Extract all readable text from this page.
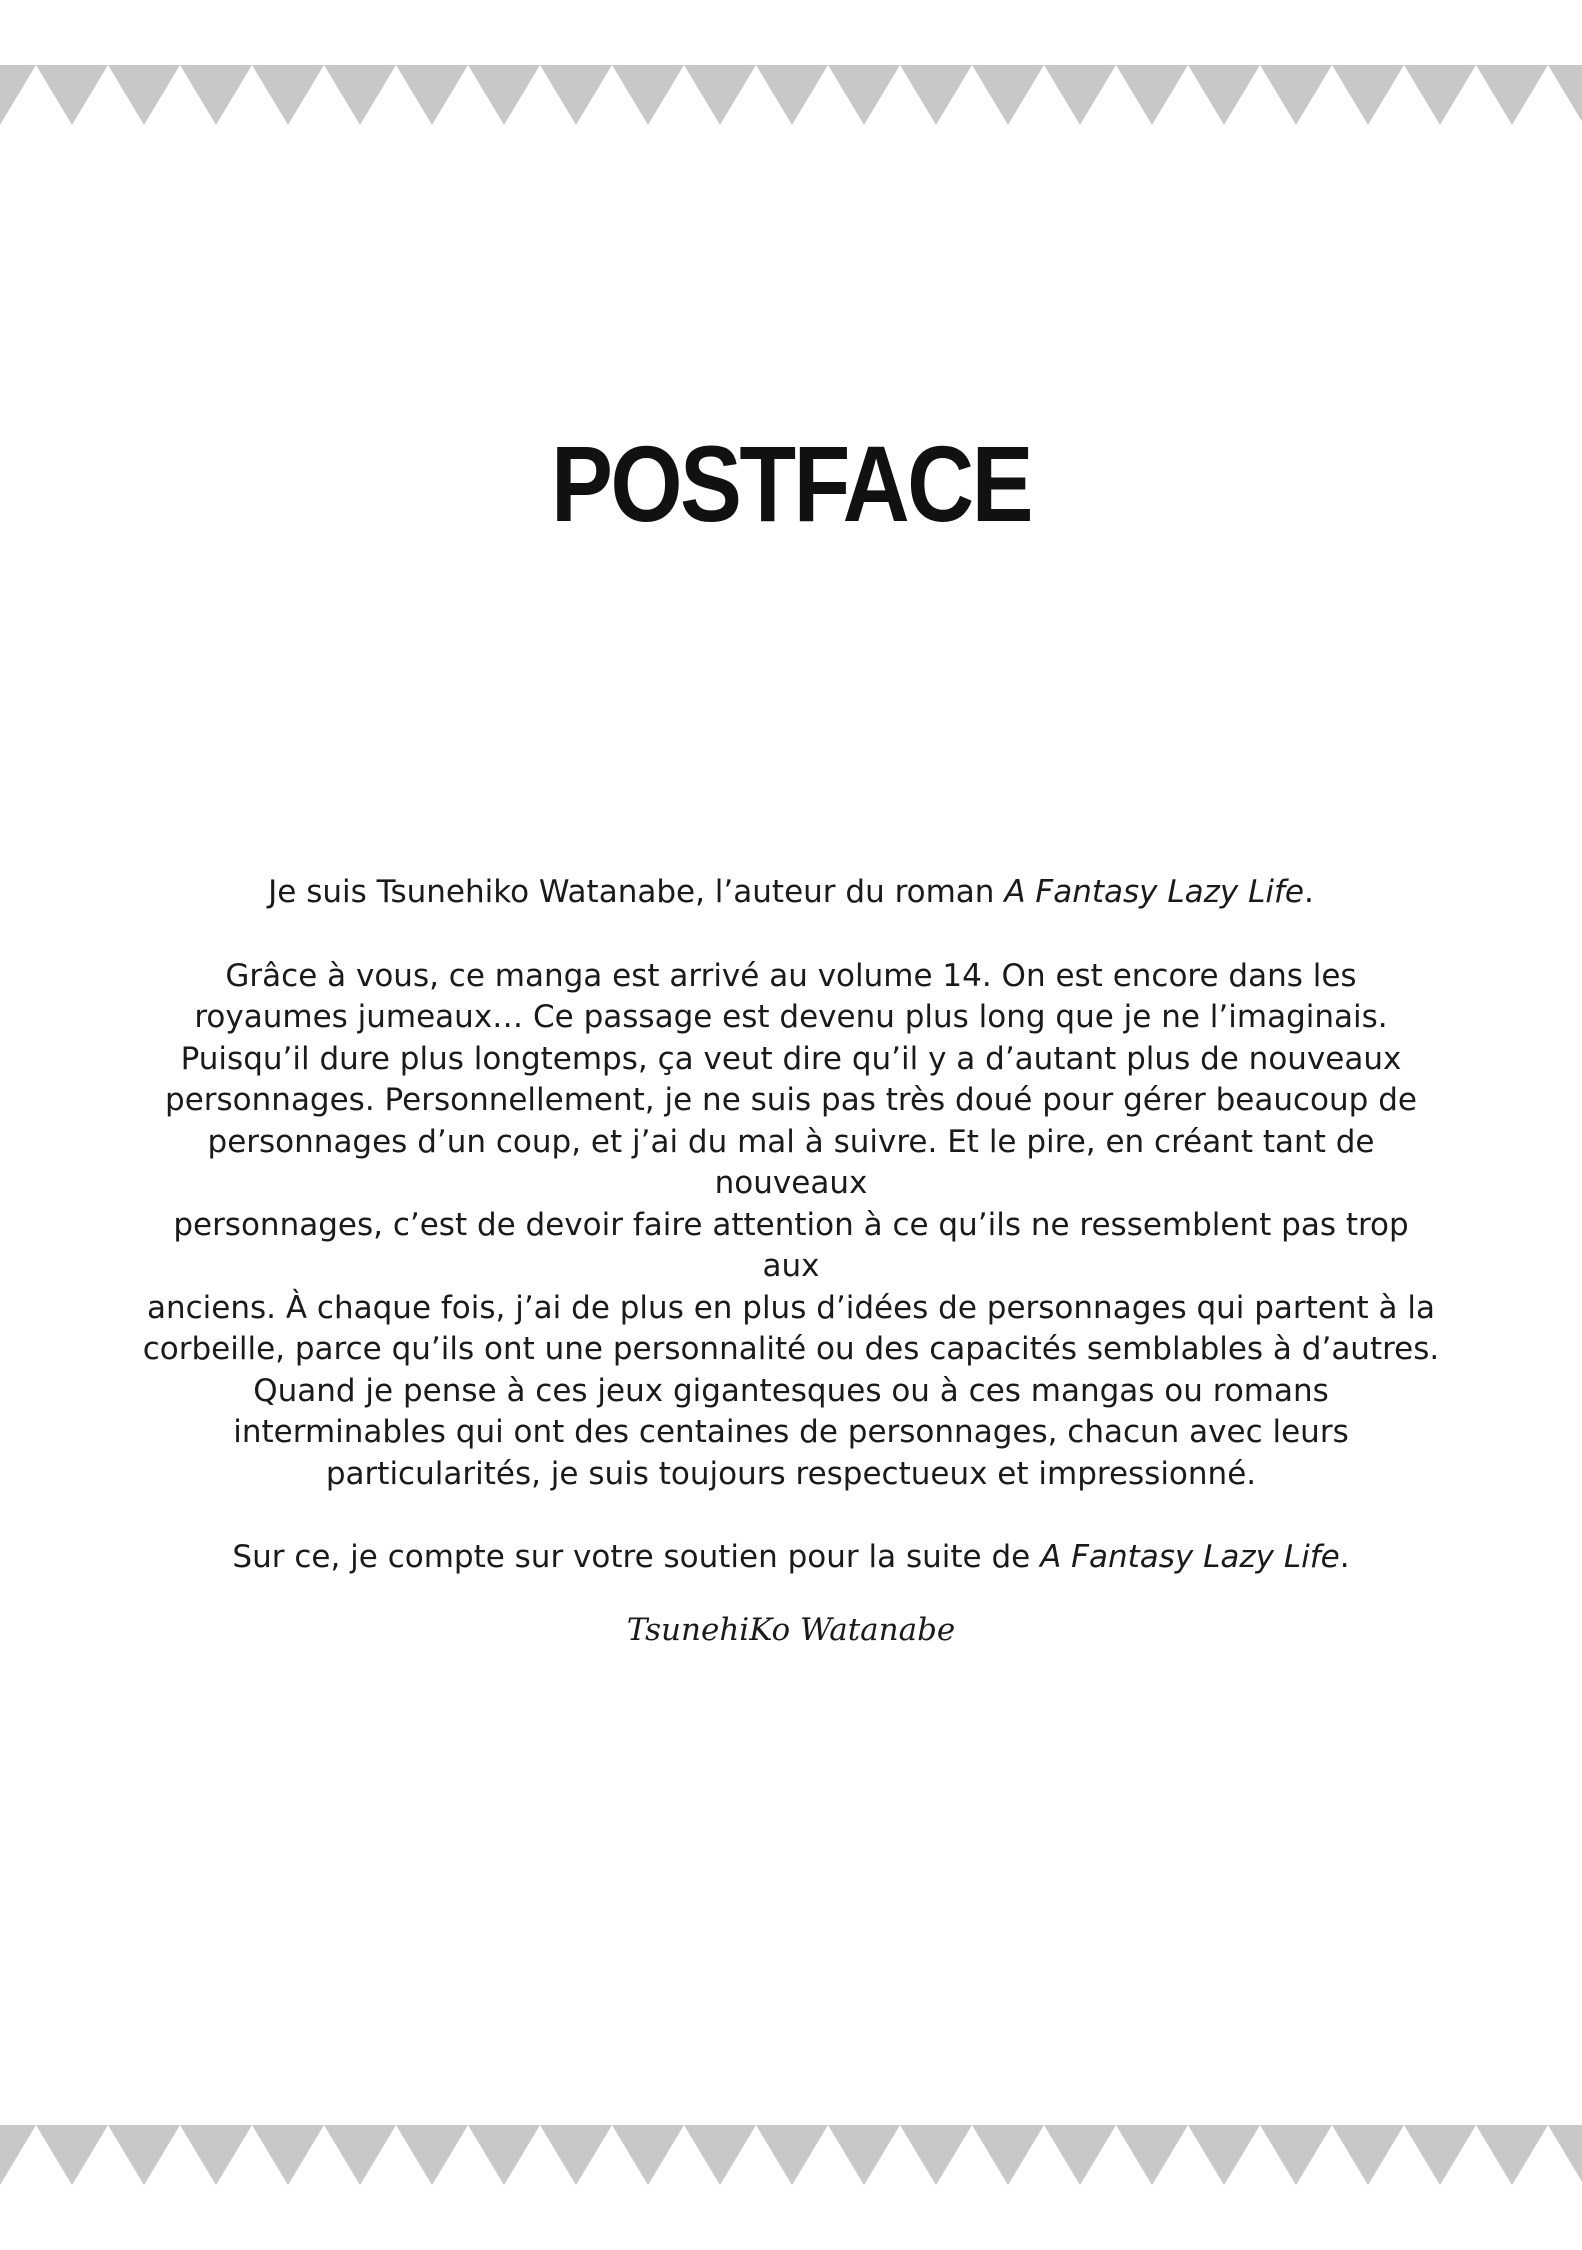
POSTFACE

Je suis Tsunehiko Watanabe, l’auteur du roman A Fantasy Lazy Life.

Grâce à vous, ce manga est arrivé au volume 14. On est encore dans les
royaumes jumeaux… Ce passage est devenu plus long que je ne l’imaginais.
Puisqu’il dure plus longtemps, ça veut dire qu’il y a d’autant plus de nouveaux
personnages. Personnellement, je ne suis pas très doué pour gérer beaucoup de
personnages d’un coup, et j’ai du mal à suivre. Et le pire, en créant tant de nouveaux
personnages, c’est de devoir faire attention à ce qu’ils ne ressemblent pas trop aux
anciens. À chaque fois, j’ai de plus en plus d’idées de personnages qui partent à la
corbeille, parce qu’ils ont une personnalité ou des capacités semblables à d’autres.
Quand je pense à ces jeux gigantesques ou à ces mangas ou romans
interminables qui ont des centaines de personnages, chacun avec leurs
particularités, je suis toujours respectueux et impressionné.

Sur ce, je compte sur votre soutien pour la suite de A Fantasy Lazy Life.

TsunehiKo Watanabe
